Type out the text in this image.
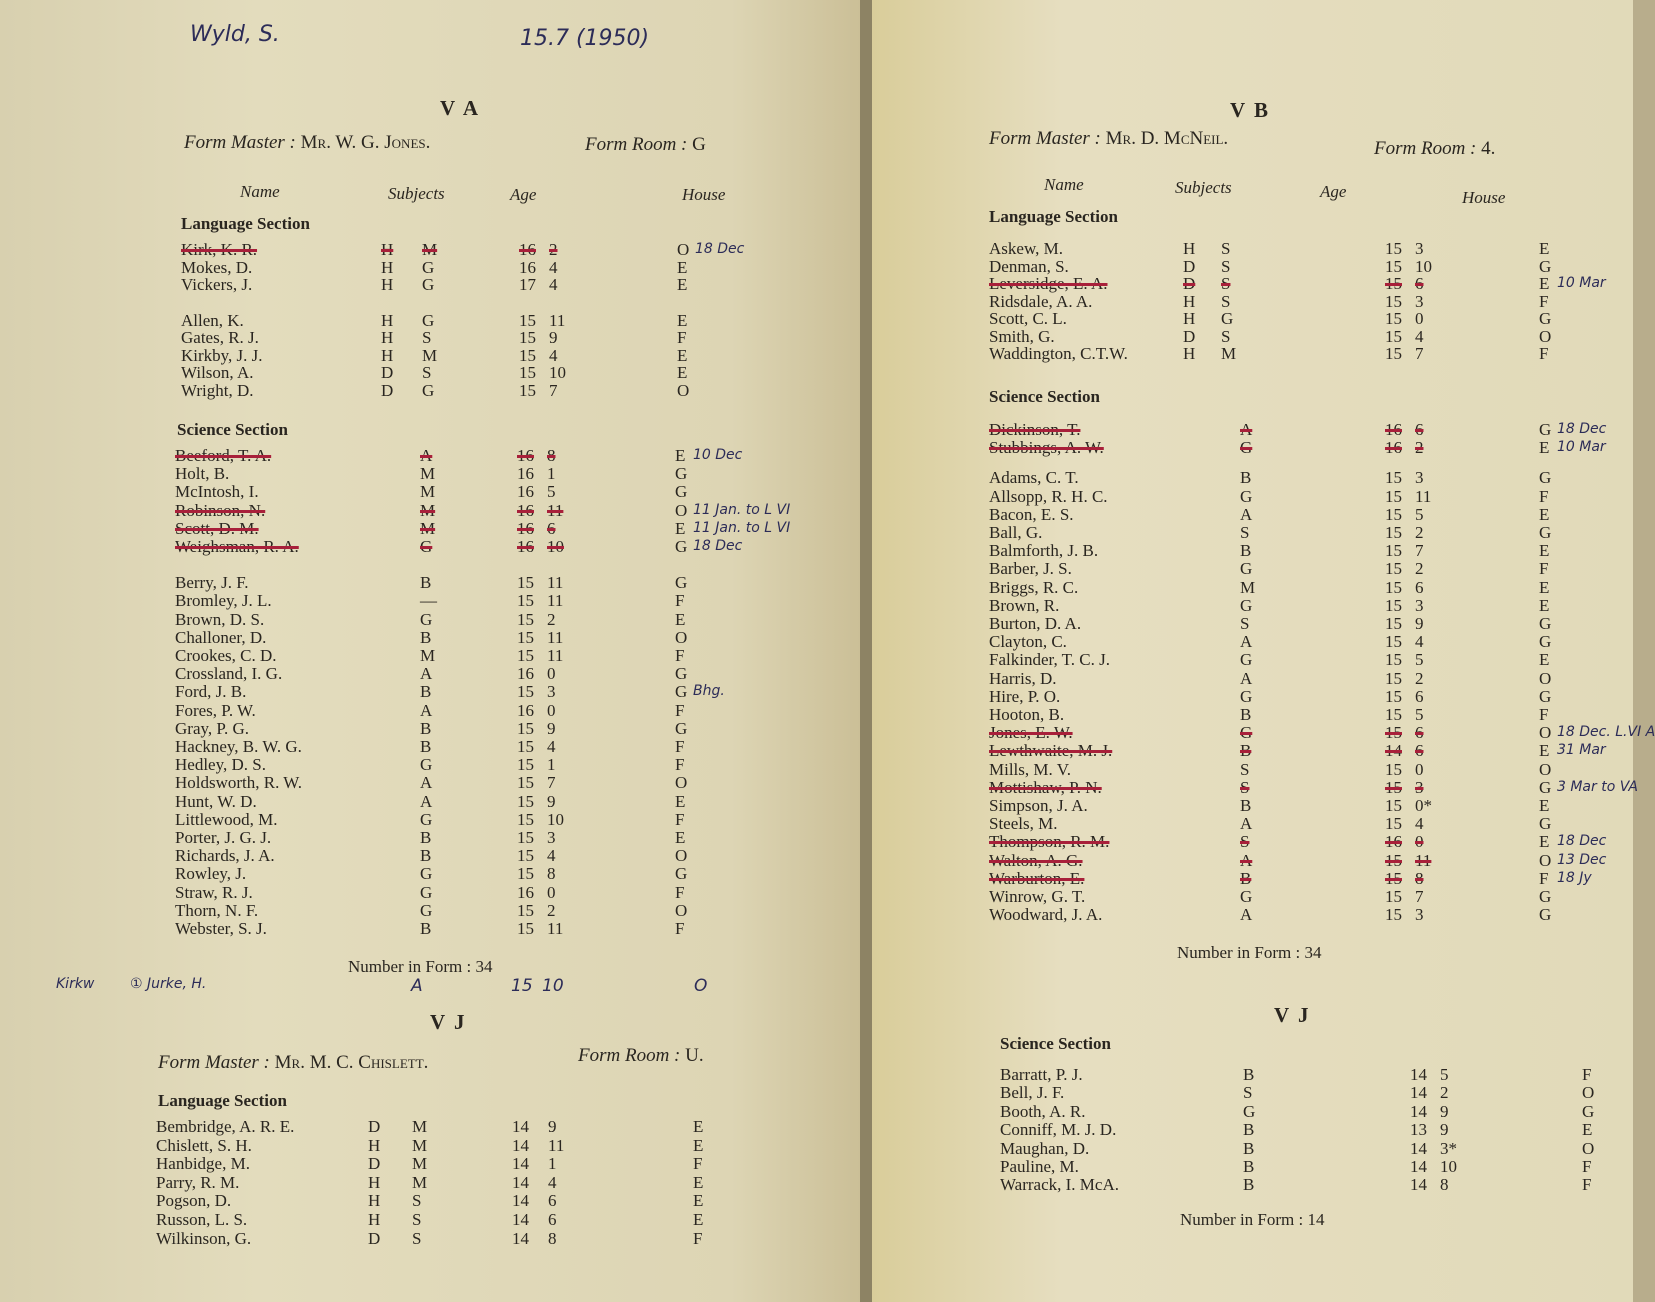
Wyld, S.	15.7 (1950)
V A
Form Master : Mr. W. G. Jones.	Form Room : G
Name	Subjects	Age	House
Language Section
Kirk, K. R.	H M	16 2	O 18 Dec
Mokes, D.	H G	16 4	E
Vickers, J.	H G	17 4	E
Allen, K.	H G	15 11	E
Gates, R. J.	H S	15 9	F
Kirkby, J. J.	H M	15 4	E
Wilson, A.	D S	15 10	E
Wright, D.	D G	15 7	O
Science Section
Beeford, T. A.	A	16 8	E 10 Dec
Holt, B.	M	16 1	G
McIntosh, I.	M	16 5	G
Robinson, N.	M	16 11	O 11 Jan. to L VI
Scott, D. M.	M	16 6	E 11 Jan. to L VI
Weighsman, R. A.	G	16 10	G 18 Dec
Berry, J. F.	B	15 11	G
Bromley, J. L.	—	15 11	F
Brown, D. S.	G	15 2	E
Challoner, D.	B	15 11	O
Crookes, C. D.	M	15 11	F
Crossland, I. G.	A	16 0	G
Ford, J. B.	B	15 3	G Bhg.
Fores, P. W.	A	16 0	F
Gray, P. G.	B	15 9	G
Hackney, B. W. G.	B	15 4	F
Hedley, D. S.	G	15 1	F
Holdsworth, R. W.	A	15 7	O
Hunt, W. D.	A	15 9	E
Littlewood, M.	G	15 10	F
Porter, J. G. J.	B	15 3	E
Richards, J. A.	B	15 4	O
Rowley, J.	G	15 8	G
Straw, R. J.	G	16 0	F
Thorn, N. F.	G	15 2	O
Webster, S. J.	B	15 11	F
Number in Form : 34
Kirkw	① Jurke, H.	A	15 10	O
V J
Form Master : Mr. M. C. Chislett.	Form Room : U.
Language Section
Bembridge, A. R. E.	D M	14 9	E
Chislett, S. H.	H M	14 11	E
Hanbidge, M.	D M	14 1	F
Parry, R. M.	H M	14 4	E
Pogson, D.	H S	14 6	E
Russon, L. S.	H S	14 6	E
Wilkinson, G.	D S	14 8	F
V B
Form Master : Mr. D. McNeil.	Form Room : 4.
Name	Subjects	Age	House
Language Section
Askew, M.	H S	15 3	E
Denman, S.	D S	15 10	G
Leversidge, E. A.	D S	15 6	E 10 Mar
Ridsdale, A. A.	H S	15 3	F
Scott, C. L.	H G	15 0	G
Smith, G.	D S	15 4	O
Waddington, C.T.W.	H M	15 7	F
Science Section
Dickinson, T.	A	16 6	G 18 Dec
Stubbings, A. W.	G	16 2	E 10 Mar
Adams, C. T.	B	15 3	G
Allsopp, R. H. C.	G	15 11	F
Bacon, E. S.	A	15 5	E
Ball, G.	S	15 2	G
Balmforth, J. B.	B	15 7	E
Barber, J. S.	G	15 2	F
Briggs, R. C.	M	15 6	E
Brown, R.	G	15 3	E
Burton, D. A.	S	15 9	G
Clayton, C.	A	15 4	G
Falkinder, T. C. J.	G	15 5	E
Harris, D.	A	15 2	O
Hire, P. O.	G	15 6	G
Hooton, B.	B	15 5	F
Jones, E. W.	G	15 6	O 18 Dec. L.VI A
Lewthwaite, M. J.	B	14 6	E 31 Mar
Mills, M. V.	S	15 0	O
Mottishaw, P. N.	S	15 3	G 3 Mar to VA
Simpson, J. A.	B	15 0*	E
Steels, M.	A	15 4	G
Thompson, R. M.	S	16 0	E 18 Dec
Walton, A. G.	A	15 11	O 13 Dec
Warburton, E.	B	15 8	F 18 Jy
Winrow, G. T.	G	15 7	G
Woodward, J. A.	A	15 3	G
Number in Form : 34
V J
Science Section
Barratt, P. J.	B	14 5	F
Bell, J. F.	S	14 2	O
Booth, A. R.	G	14 9	G
Conniff, M. J. D.	B	13 9	E
Maughan, D.	B	14 3*	O
Pauline, M.	B	14 10	F
Warrack, I. McA.	B	14 8	F
Number in Form : 14
